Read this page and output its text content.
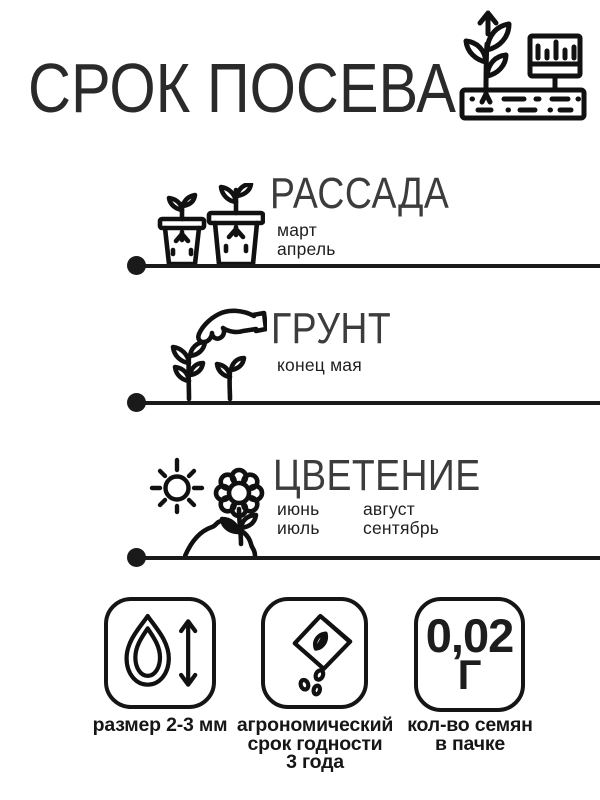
СРОК ПОСЕВА
РАССАДА
март
апрель
ГРУНТ
конец мая
ЦВЕТЕНИЕ
июнь
июль
август
сентябрь
0,02
Г
размер 2-3 мм агрономический
срок годности
3 года
кол-во семян
в пачке
